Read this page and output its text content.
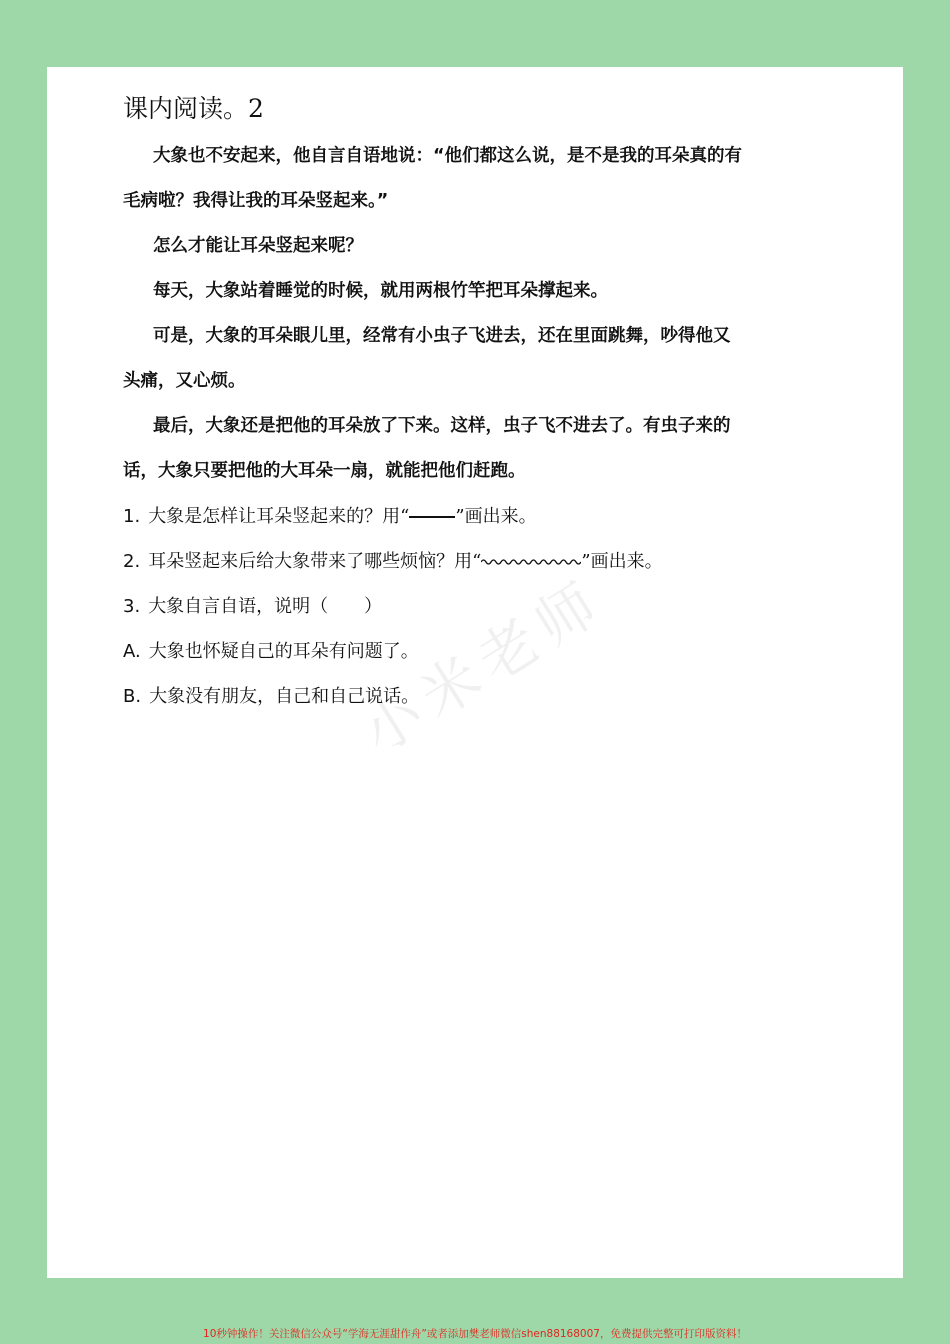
课内阅读。2

大象也不安起来，他自言自语地说：“他们都这么说，是不是我的耳朵真的有毛病啦？我得让我的耳朵竖起来。”

怎么才能让耳朵竖起来呢？

每天，大象站着睡觉的时候，就用两根竹竿把耳朵撑起来。

可是，大象的耳朵眼儿里，经常有小虫子飞进去，还在里面跳舞，吵得他又头痛，又心烦。

最后，大象还是把他的耳朵放了下来。这样，虫子飞不进去了。有虫子来的话，大象只要把他的大耳朵一扇，就能把他们赶跑。

1. 大象是怎样让耳朵竖起来的？用“	”画出来。

2. 耳朵竖起来后给大象带来了哪些烦恼？用“	”画出来。

3. 大象自言自语，说明（　　）

A. 大象也怀疑自己的耳朵有问题了。

B. 大象没有朋友，自己和自己说话。

10秒钟操作！关注微信公众号“学海无涯甜作舟”或者添加樊老师微信shen88168007，免费提供完整可打印版资料！
